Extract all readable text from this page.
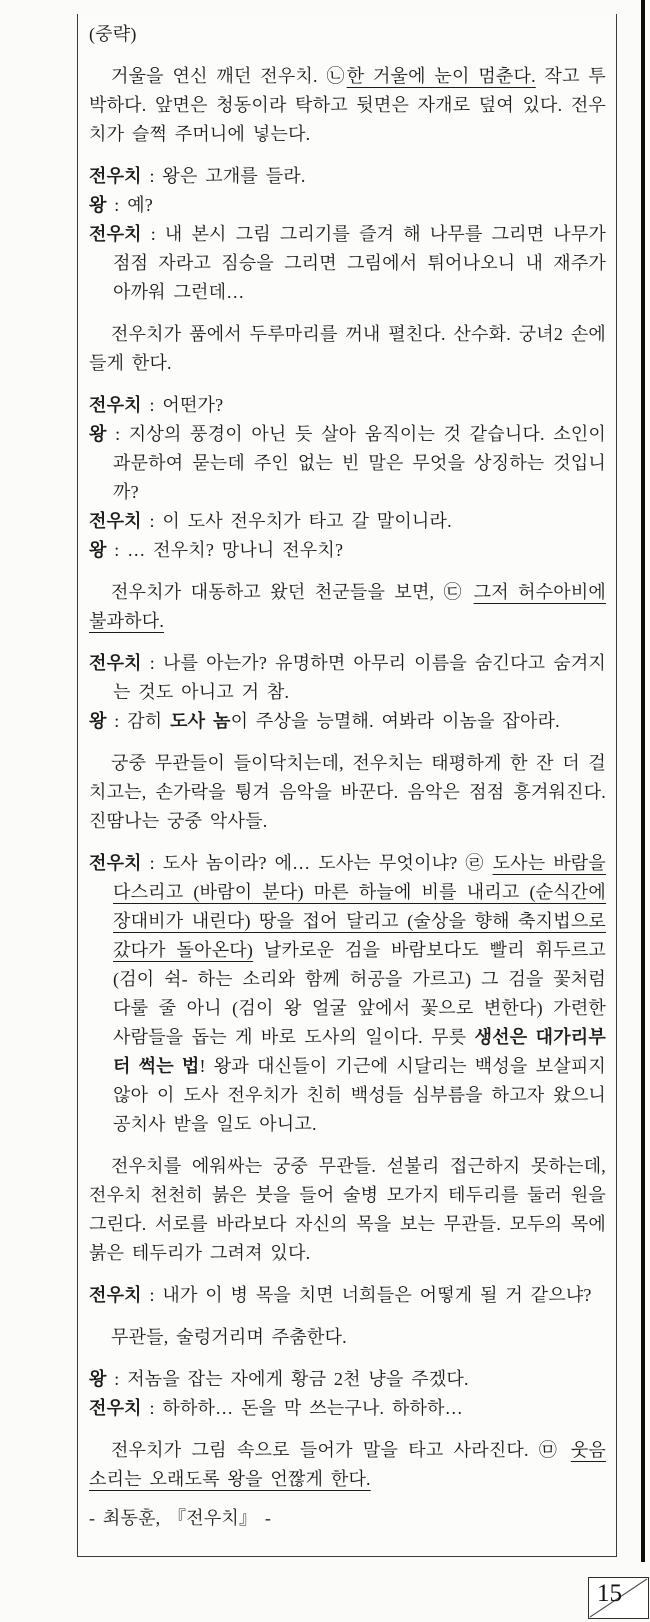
(중략)

거울을 연신 깨던 전우치. ㉡한 거울에 눈이 멈춘다. 작고 투박하다. 앞면은 청동이라 탁하고 뒷면은 자개로 덮여 있다. 전우치가 슬쩍 주머니에 넣는다.

전우치 : 왕은 고개를 들라.

왕 : 예?

전우치 : 내 본시 그림 그리기를 즐겨 해 나무를 그리면 나무가 점점 자라고 짐승을 그리면 그림에서 튀어나오니 내 재주가 아까워 그런데…

전우치가 품에서 두루마리를 꺼내 펼친다. 산수화. 궁녀2 손에 들게 한다.

전우치 : 어떤가?

왕 : 지상의 풍경이 아닌 듯 살아 움직이는 것 같습니다. 소인이 과문하여 묻는데 주인 없는 빈 말은 무엇을 상징하는 것입니까?

전우치 : 이 도사 전우치가 타고 갈 말이니라.

왕 : … 전우치? 망나니 전우치?

전우치가 대동하고 왔던 천군들을 보면, ㉢ 그저 허수아비에 불과하다.

전우치 : 나를 아는가? 유명하면 아무리 이름을 숨긴다고 숨겨지는 것도 아니고 거 참.

왕 : 감히 도사 놈이 주상을 능멸해. 여봐라 이놈을 잡아라.

궁중 무관들이 들이닥치는데, 전우치는 태평하게 한 잔 더 걸치고는, 손가락을 튕겨 음악을 바꾼다. 음악은 점점 흥겨워진다. 진땀나는 궁중 악사들.

전우치 : 도사 놈이라? 에… 도사는 무엇이냐? ㉣ 도사는 바람을 다스리고 (바람이 분다) 마른 하늘에 비를 내리고 (순식간에 장대비가 내린다) 땅을 접어 달리고 (술상을 향해 축지법으로 갔다가 돌아온다) 날카로운 검을 바람보다도 빨리 휘두르고 (검이 쉭- 하는 소리와 함께 허공을 가르고) 그 검을 꽃처럼 다룰 줄 아니 (검이 왕 얼굴 앞에서 꽃으로 변한다) 가련한 사람들을 돕는 게 바로 도사의 일이다. 무릇 생선은 대가리부터 썩는 법! 왕과 대신들이 기근에 시달리는 백성을 보살피지 않아 이 도사 전우치가 친히 백성들 심부름을 하고자 왔으니 공치사 받을 일도 아니고.

전우치를 에워싸는 궁중 무관들. 섣불리 접근하지 못하는데, 전우치 천천히 붉은 붓을 들어 술병 모가지 테두리를 둘러 원을 그린다. 서로를 바라보다 자신의 목을 보는 무관들. 모두의 목에 붉은 테두리가 그려져 있다.

전우치 : 내가 이 병 목을 치면 너희들은 어떻게 될 거 같으냐?

무관들, 술렁거리며 주춤한다.

왕 : 저놈을 잡는 자에게 황금 2천 냥을 주겠다.

전우치 : 하하하… 돈을 막 쓰는구나. 하하하…

전우치가 그림 속으로 들어가 말을 타고 사라진다. ㉤ 웃음 소리는 오래도록 왕을 언짢게 한다.

- 최동훈, 『전우치』 -

15
